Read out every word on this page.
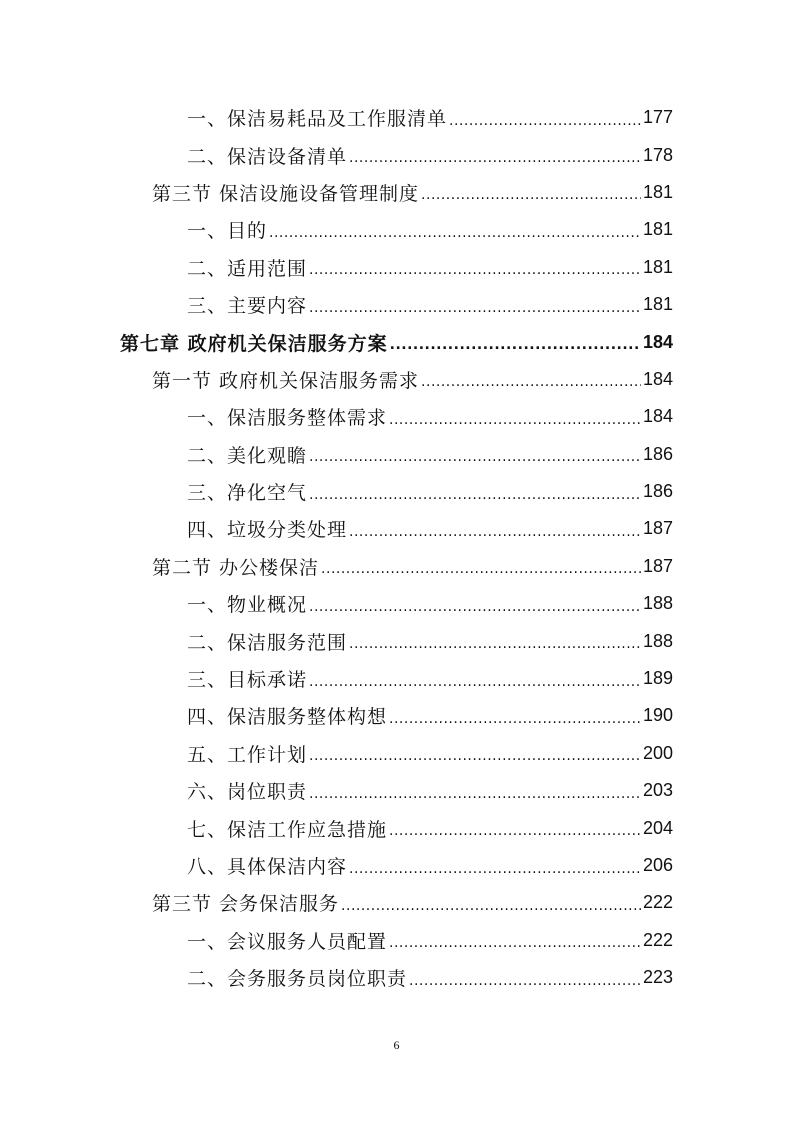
一、保洁易耗品及工作服清单 .....	177
二、保洁设备清单 .....	178
第三节 保洁设施设备管理制度 .....	181
一、目的 .....	181
二、适用范围 .....	181
三、主要内容 .....	181
第七章 政府机关保洁服务方案 .....	184
第一节 政府机关保洁服务需求 .....	184
一、保洁服务整体需求 .....	184
二、美化观瞻 .....	186
三、净化空气 .....	186
四、垃圾分类处理 .....	187
第二节 办公楼保洁 .....	187
一、物业概况 .....	188
二、保洁服务范围 .....	188
三、目标承诺 .....	189
四、保洁服务整体构想 .....	190
五、工作计划 .....	200
六、岗位职责 .....	203
七、保洁工作应急措施 .....	204
八、具体保洁内容 .....	206
第三节 会务保洁服务 .....	222
一、会议服务人员配置 .....	222
二、会务服务员岗位职责 .....	223
6
